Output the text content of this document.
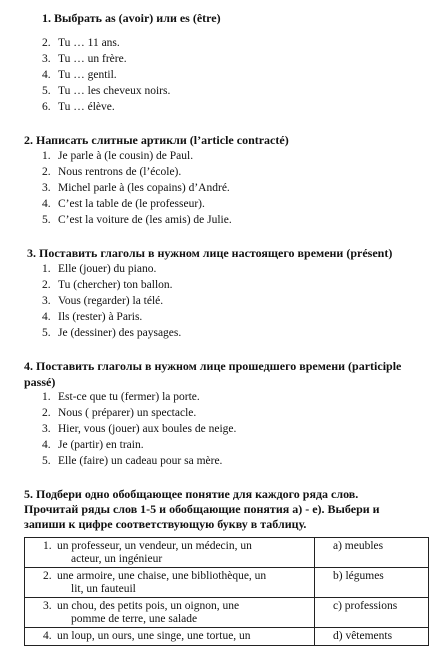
1. Выбрать as (avoir) или es (être)
2. Tu … 11 ans.
3. Tu … un frère.
4. Tu … gentil.
5. Tu … les cheveux noirs.
6. Tu … élève.
2. Написать слитные артикли (l’article contracté)
1. Je parle à (le cousin) de Paul.
2. Nous rentrons de (l’école).
3. Michel parle à (les copains) d’André.
4. C’est la table de (le professeur).
5. C’est la voiture de (les amis) de Julie.
3. Поставить глаголы в нужном лице настоящего времени (présent)
1. Elle (jouer) du piano.
2. Tu (chercher) ton ballon.
3. Vous (regarder) la télé.
4. Ils (rester) à Paris.
5. Je (dessiner) des paysages.
4. Поставить глаголы в нужном лице прошедшего времени (participle
passé)
1. Est-ce que tu (fermer) la porte.
2. Nous ( préparer) un spectacle.
3. Hier, vous (jouer) aux boules de neige.
4. Je (partir) en train.
5. Elle (faire) un cadeau pour sa mère.
5. Подбери одно обобщающее понятие для каждого ряда слов.
Прочитай ряды слов 1-5 и обобщающие понятия а) - е). Выбери и
запиши к цифре соответствующую букву в таблицу.
1. un professeur, un vendeur, un médecin, un
acteur, un ingénieur	a) meubles
2. une armoire, une chaise, une bibliothèque, un
lit, un fauteuil	b) légumes
3. un chou, des petits pois, un oignon, une
pomme de terre, une salade	c) professions
4. un loup, un ours, une singe, une tortue, un	d) vêtements
